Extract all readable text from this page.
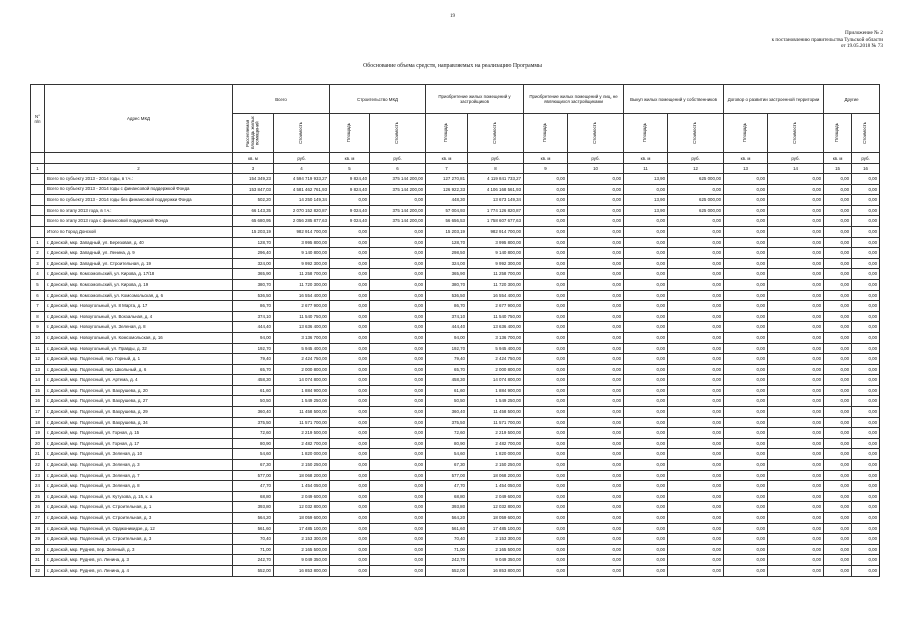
19
Приложение № 2
к постановлению правительства Тульской области
от 19.05.2018 № 73
Обоснование объема средств, направляемых на реализацию Программы
N° п/п	Адрес МКД	Всего		Строительство МКД		Приобретение жилых помещений у застройщиков		Приобретение жилых помещений у лиц, не являющихся застройщиками		Выкуп жилых помещений у собственников		Договор о развитии застроенной территории		Другие	

		Расселяемая площадь жилых помещений	Стоимость	Площадь	Стоимость	Площадь	Стоимость	Площадь	Стоимость	Площадь	Стоимость	Площадь	Стоимость	Площадь	Стоимость

		кв. м	руб.	кв. м	руб.	кв. м	руб.	кв. м	руб.	кв. м	руб.	кв. м	руб.	кв. м	руб.
1	2	3	4	5	6	7	8	9	10	11	12	13	14	15	16
	Всего по субъекту 2013 - 2014 годы, в т.ч.:	154 349,23	4 594 719 933,27	9 824,40	375 144 200,00	127 270,81	4 119 841 733,27	0,00	0,00	13,90	625 000,00	0,00	0,00	0,00	0,00
	Всего по субъекту 2013 - 2014 годы с финансовой поддержкой Фонда	153 847,03	4 581 462 761,93	9 824,40	375 144 200,00	126 922,33	4 106 168 561,93	0,00	0,00	0,00	0,00	0,00	0,00	0,00	0,00
	Всего по субъекту 2013 - 2014 годы без финансовой поддержки Фонда	502,20	14 250 149,34	0,00	0,00	448,30	13 673 149,34	0,00	0,00	13,90	625 000,00	0,00	0,00	0,00	0,00
	Всего по этапу 2013 года, в т.ч.:	66 143,35	2 070 152 820,87	9 024,40	375 144 200,00	57 004,93	1 774 126 820,87	0,00	0,00	13,90	625 000,00	0,00	0,00	0,00	0,00
	Всего по этапу 2013 года с финансовой поддержкой Фонда	65 680,95	2 056 285 877,63	9 024,40	375 144 200,00	56 656,53	1 758 607 677,63	0,00	0,00	0,00	0,00	0,00	0,00	0,00	0,00
	Итого по Город Донской	15 203,19	982 914 700,00	0,00	0,00	15 203,19	982 914 700,00	0,00	0,00	0,00	0,00	0,00	0,00	0,00	0,00
1	г. Донской, мкр. Западный, ул. Березовая, д. 40	128,70	3 995 800,00	0,00	0,00	128,70	3 995 800,00	0,00	0,00	0,00	0,00	0,00	0,00	0,00	0,00
2	г. Донской, мкр. Западный, ул. Ленина, д. 9	296,40	9 140 800,00	0,00	0,00	298,50	9 140 800,00	0,00	0,00	0,00	0,00	0,00	0,00	0,00	0,00
3	г. Донской, мкр. Западный, ул. Строительная, д. 19	324,00	9 992 300,00	0,00	0,00	324,00	9 992 300,00	0,00	0,00	0,00	0,00	0,00	0,00	0,00	0,00
4	г. Донской, мкр. Комсомольский, ул. Кирова, д. 17/18	365,90	11 258 700,00	0,00	0,00	365,90	11 258 700,00	0,00	0,00	0,00	0,00	0,00	0,00	0,00	0,00
5	г. Донской, мкр. Комсомольский, ул. Кирова, д. 19	380,70	11 720 300,00	0,00	0,00	380,70	11 720 300,00	0,00	0,00	0,00	0,00	0,00	0,00	0,00	0,00
6	г. Донской, мкр. Комсомольский, ул. Комсомольская, д. 6	536,50	16 554 400,00	0,00	0,00	536,50	16 554 400,00	0,00	0,00	0,00	0,00	0,00	0,00	0,00	0,00
7	г. Донской, мкр. Новоугольный, ул. 8 Марта, д. 17	86,70	2 677 900,00	0,00	0,00	86,70	2 677 900,00	0,00	0,00	0,00	0,00	0,00	0,00	0,00	0,00
8	г. Донской, мкр. Новоугольный, ул. Вокзальная, д. 4	374,10	11 540 750,00	0,00	0,00	374,10	11 540 750,00	0,00	0,00	0,00	0,00	0,00	0,00	0,00	0,00
9	г. Донской, мкр. Новоугольный, ул. Зеленая, д. 8	444,40	13 636 400,00	0,00	0,00	444,40	13 636 400,00	0,00	0,00	0,00	0,00	0,00	0,00	0,00	0,00
10	г. Донской, мкр. Новоугольный, ул. Комсомольская, д. 16	94,00	3 136 700,00	0,00	0,00	94,00	3 136 700,00	0,00	0,00	0,00	0,00	0,00	0,00	0,00	0,00
11	г. Донской, мкр. Новоугольный, ул. Правды, д. 32	192,70	5 945 400,00	0,00	0,00	192,70	5 945 400,00	0,00	0,00	0,00	0,00	0,00	0,00	0,00	0,00
12	г. Донской, мкр. Подлесный, пер. Горный, д. 1	79,40	2 424 750,00	0,00	0,00	79,40	2 424 750,00	0,00	0,00	0,00	0,00	0,00	0,00	0,00	0,00
13	г. Донской, мкр. Подлесный, пер. Школьный, д. 6	65,70	2 000 800,00	0,00	0,00	65,70	2 000 800,00	0,00	0,00	0,00	0,00	0,00	0,00	0,00	0,00
14	г. Донской, мкр. Подлесный, ул. Артема, д. 4	458,30	14 074 800,00	0,00	0,00	458,30	14 074 800,00	0,00	0,00	0,00	0,00	0,00	0,00	0,00	0,00
15	г. Донской, мкр. Подлесный, ул. Вахрушева, д. 20	61,60	1 884 900,00	0,00	0,00	61,60	1 884 900,00	0,00	0,00	0,00	0,00	0,00	0,00	0,00	0,00
16	г. Донской, мкр. Подлесный, ул. Вахрушева, д. 27	50,50	1 549 250,00	0,00	0,00	50,50	1 549 250,00	0,00	0,00	0,00	0,00	0,00	0,00	0,00	0,00
17	г. Донской, мкр. Подлесный, ул. Вахрушева, д. 29	360,40	11 458 500,00	0,00	0,00	360,40	11 458 500,00	0,00	0,00	0,00	0,00	0,00	0,00	0,00	0,00
18	г. Донской, мкр. Подлесный, ул. Вахрушева, д. 34	375,50	11 571 700,00	0,00	0,00	375,50	11 571 700,00	0,00	0,00	0,00	0,00	0,00	0,00	0,00	0,00
19	г. Донской, мкр. Подлесный, ул. Горная, д. 15	72,60	2 219 500,00	0,00	0,00	72,60	2 219 500,00	0,00	0,00	0,00	0,00	0,00	0,00	0,00	0,00
20	г. Донской, мкр. Подлесный, ул. Горная, д. 17	80,90	2 482 700,00	0,00	0,00	80,90	2 482 700,00	0,00	0,00	0,00	0,00	0,00	0,00	0,00	0,00
21	г. Донской, мкр. Подлесный, ул. Зеленая, д. 10	54,60	1 820 000,00	0,00	0,00	54,60	1 820 000,00	0,00	0,00	0,00	0,00	0,00	0,00	0,00	0,00
22	г. Донской, мкр. Подлесный, ул. Зеленая, д. 3	67,30	2 150 250,00	0,00	0,00	67,30	2 150 250,00	0,00	0,00	0,00	0,00	0,00	0,00	0,00	0,00
23	г. Донской, мкр. Подлесный, ул. Зеленая, д. 7	577,00	18 068 200,00	0,00	0,00	577,00	18 068 200,00	0,00	0,00	0,00	0,00	0,00	0,00	0,00	0,00
24	г. Донской, мкр. Подлесный, ул. Зеленая, д. 8	47,70	1 454 050,00	0,00	0,00	47,70	1 454 050,00	0,00	0,00	0,00	0,00	0,00	0,00	0,00	0,00
25	г. Донской, мкр. Подлесный, ул. Кутузова, д. 15, к. а	68,80	2 049 600,00	0,00	0,00	68,80	2 049 600,00	0,00	0,00	0,00	0,00	0,00	0,00	0,00	0,00
26	г. Донской, мкр. Подлесный, ул. Строительная, д. 1	393,80	12 032 800,00	0,00	0,00	393,80	12 032 800,00	0,00	0,00	0,00	0,00	0,00	0,00	0,00	0,00
27	г. Донской, мкр. Подлесный, ул. Строительная, д. 3	564,20	18 059 600,00	0,00	0,00	564,20	18 059 600,00	0,00	0,00	0,00	0,00	0,00	0,00	0,00	0,00
28	г. Донской, мкр. Подлесный, ул. Орджоникидзе, д. 12	561,60	17 485 100,00	0,00	0,00	561,60	17 485 100,00	0,00	0,00	0,00	0,00	0,00	0,00	0,00	0,00
29	г. Донской, мкр. Подлесный, ул. Строительная, д. 3	70,40	2 153 300,00	0,00	0,00	70,40	2 153 300,00	0,00	0,00	0,00	0,00	0,00	0,00	0,00	0,00
30	г. Донской, мкр. Руднев, пер. Зеленый, д. 3	71,00	2 165 500,00	0,00	0,00	71,00	2 165 500,00	0,00	0,00	0,00	0,00	0,00	0,00	0,00	0,00
31	г. Донской, мкр. Руднев, ул. Ленина, д. 3	242,70	9 049 350,00	0,00	0,00	242,70	9 049 350,00	0,00	0,00	0,00	0,00	0,00	0,00	0,00	0,00
32	г. Донской, мкр. Руднев, ул. Ленина, д. 4	552,00	16 853 800,00	0,00	0,00	552,00	16 853 800,00	0,00	0,00	0,00	0,00	0,00	0,00	0,00	0,00
